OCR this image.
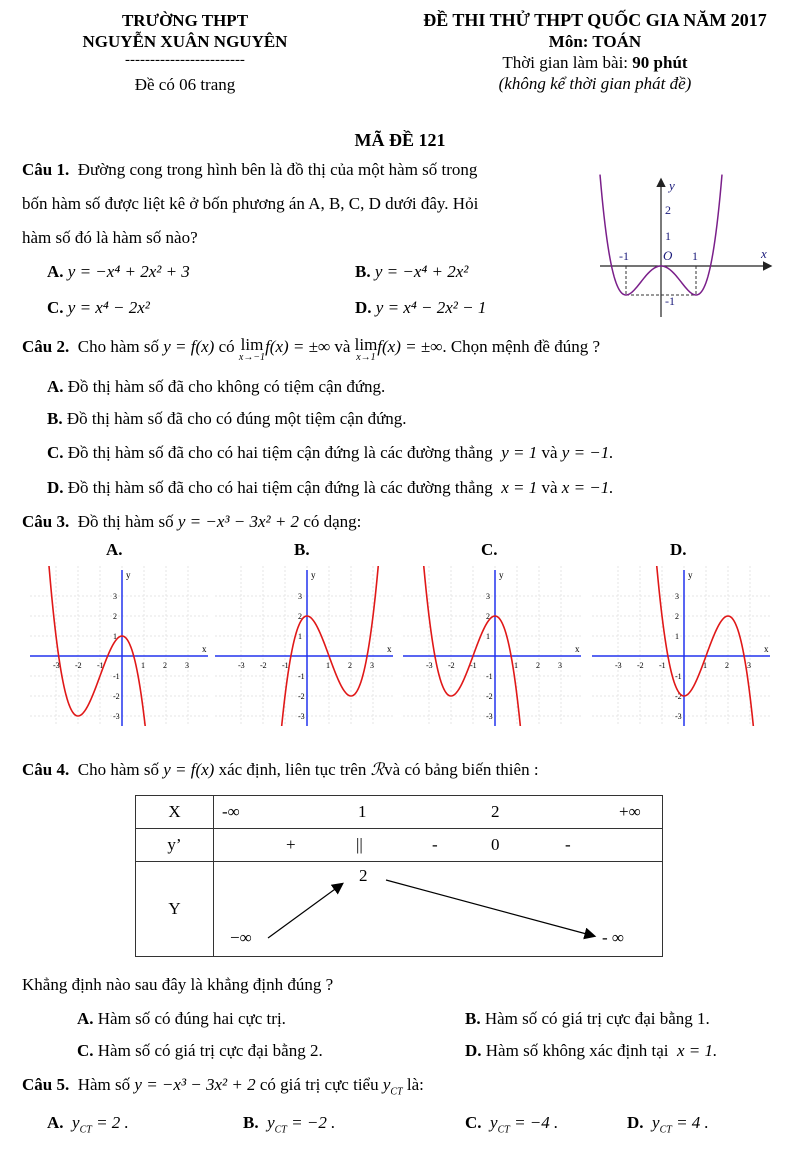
TRƯỜNG THPT
NGUYỄN XUÂN NGUYÊN
------------------------
Đề có 06 trang
ĐỀ THI THỬ THPT QUỐC GIA NĂM 2017
Môn: TOÁN
Thời gian làm bài: 90 phút
(không kể thời gian phát đề)
MÃ ĐỀ 121
Câu 1. Đường cong trong hình bên là đồ thị của một hàm số trong
bốn hàm số được liệt kê ở bốn phương án A, B, C, D dưới đây. Hỏi
hàm số đó là hàm số nào?
A. y = −x⁴ + 2x² + 3	B. y = −x⁴ + 2x²
C. y = x⁴ − 2x²	D. y = x⁴ − 2x² − 1
y
x
O
-1	1
1
2
-1
Câu 2. Cho hàm số y = f(x) có lim
x→−1
f(x) = ±∞ và lim
x→1
f(x) = ±∞. Chọn mệnh đề đúng ?
A. Đồ thị hàm số đã cho không có tiệm cận đứng.
B. Đồ thị hàm số đã cho có đúng một tiệm cận đứng.
C. Đồ thị hàm số đã cho có hai tiệm cận đứng là các đường thẳng y = 1 và y = −1.
D. Đồ thị hàm số đã cho có hai tiệm cận đứng là các đường thẳng x = 1 và x = −1.
Câu 3. Đồ thị hàm số y = −x³ − 3x² + 2 có dạng:
A.	B.	C.	D.
-3 -2 -1	1 2 3
3
2
1
-1
-2
-3
x
y
-3 -2 -1	1 2 3
3
2
1
-1
-2
-3
x
y
-3 -2 -1	1 2 3
3
2
1
-1
-2
-3
x
y
-3 -2 -1	1 2 3
3
2
1
-1
-2
-3
x
y
Câu 4. Cho hàm số y = f(x) xác định, liên tục trên ℛvà có bảng biến thiên :
X	-∞ 1 2 +∞

y’	+ || - 0 -

Y	−∞
2
- ∞
Khẳng định nào sau đây là khẳng định đúng ?
A. Hàm số có đúng hai cực trị.	B. Hàm số có giá trị cực đại bằng 1.
C. Hàm số có giá trị cực đại bằng 2.	D. Hàm số không xác định tại x = 1.
Câu 5. Hàm số y = −x³ − 3x² + 2 có giá trị cực tiểu $y_{CT}$ là:
A. $y_{CT} = 2$ .	B. $y_{CT} = -2$ .	C. $y_{CT} = -4$ .	D. $y_{CT} = 4$ .
